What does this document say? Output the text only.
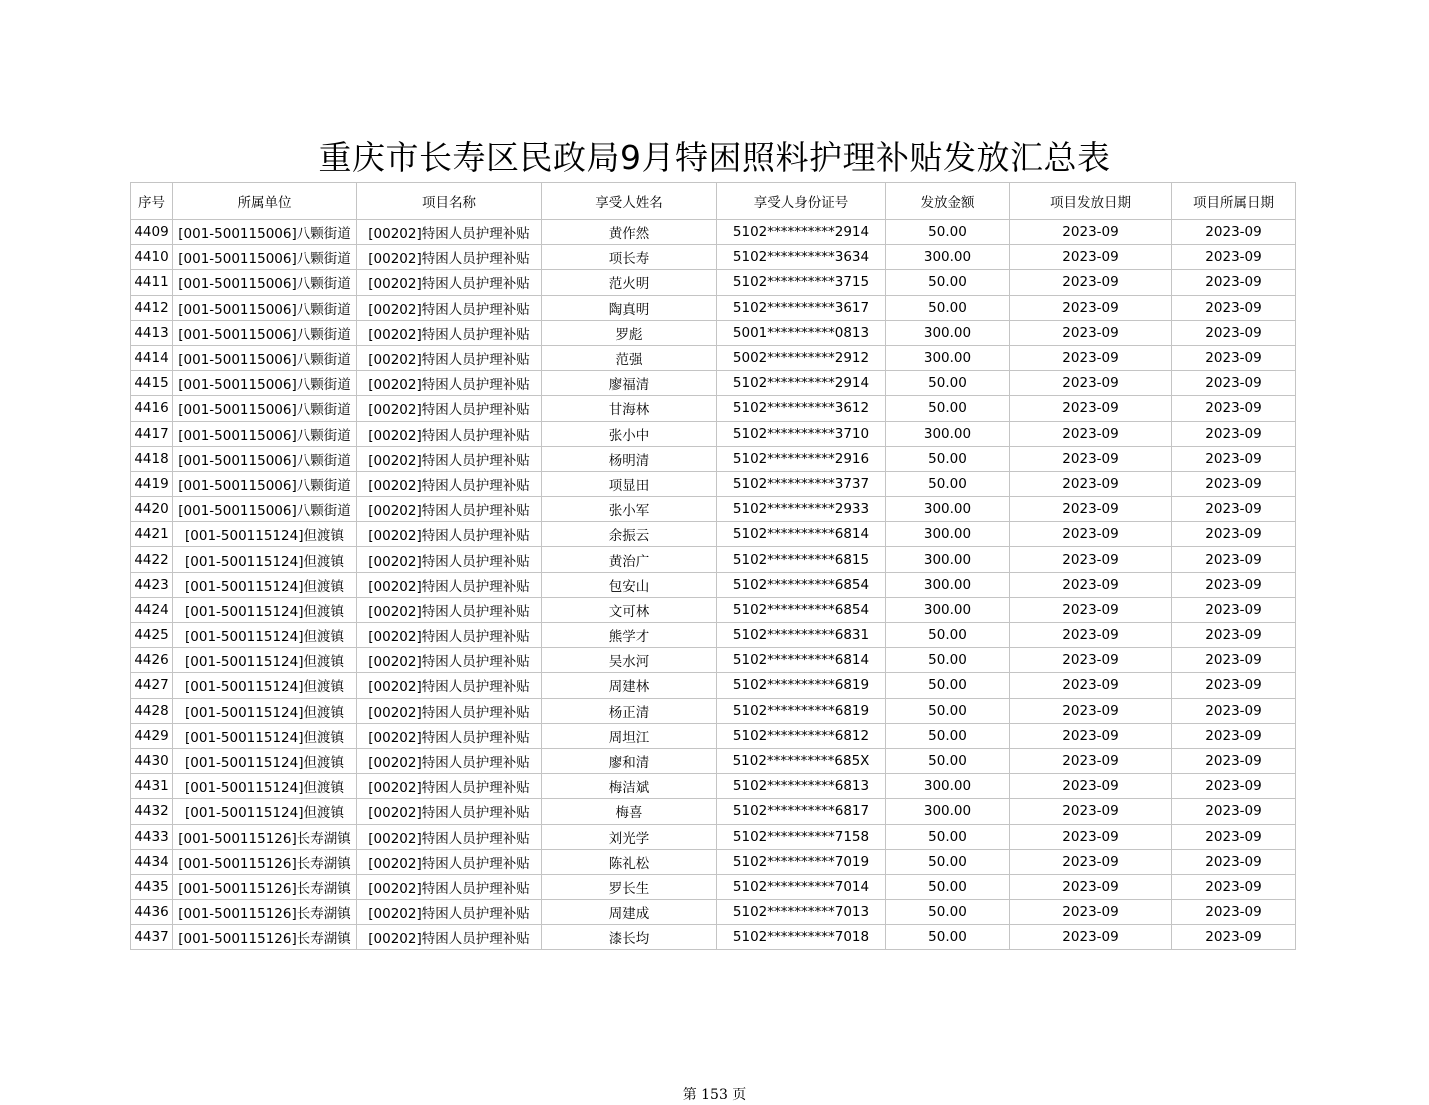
重庆市长寿区民政局9月特困照料护理补贴发放汇总表
序号	所属单位	项目名称	享受人姓名	享受人身份证号	发放金额	项目发放日期	项目所属日期
4409	[001-500115006]八颗街道	[00202]特困人员护理补贴	黄作然	5102**********2914	50.00	2023-09	2023-09
4410	[001-500115006]八颗街道	[00202]特困人员护理补贴	项长寿	5102**********3634	300.00	2023-09	2023-09
4411	[001-500115006]八颗街道	[00202]特困人员护理补贴	范火明	5102**********3715	50.00	2023-09	2023-09
4412	[001-500115006]八颗街道	[00202]特困人员护理补贴	陶真明	5102**********3617	50.00	2023-09	2023-09
4413	[001-500115006]八颗街道	[00202]特困人员护理补贴	罗彪	5001**********0813	300.00	2023-09	2023-09
4414	[001-500115006]八颗街道	[00202]特困人员护理补贴	范强	5002**********2912	300.00	2023-09	2023-09
4415	[001-500115006]八颗街道	[00202]特困人员护理补贴	廖福清	5102**********2914	50.00	2023-09	2023-09
4416	[001-500115006]八颗街道	[00202]特困人员护理补贴	甘海林	5102**********3612	50.00	2023-09	2023-09
4417	[001-500115006]八颗街道	[00202]特困人员护理补贴	张小中	5102**********3710	300.00	2023-09	2023-09
4418	[001-500115006]八颗街道	[00202]特困人员护理补贴	杨明清	5102**********2916	50.00	2023-09	2023-09
4419	[001-500115006]八颗街道	[00202]特困人员护理补贴	项显田	5102**********3737	50.00	2023-09	2023-09
4420	[001-500115006]八颗街道	[00202]特困人员护理补贴	张小军	5102**********2933	300.00	2023-09	2023-09
4421	[001-500115124]但渡镇	[00202]特困人员护理补贴	余振云	5102**********6814	300.00	2023-09	2023-09
4422	[001-500115124]但渡镇	[00202]特困人员护理补贴	黄治广	5102**********6815	300.00	2023-09	2023-09
4423	[001-500115124]但渡镇	[00202]特困人员护理补贴	包安山	5102**********6854	300.00	2023-09	2023-09
4424	[001-500115124]但渡镇	[00202]特困人员护理补贴	文可林	5102**********6854	300.00	2023-09	2023-09
4425	[001-500115124]但渡镇	[00202]特困人员护理补贴	熊学才	5102**********6831	50.00	2023-09	2023-09
4426	[001-500115124]但渡镇	[00202]特困人员护理补贴	吴水河	5102**********6814	50.00	2023-09	2023-09
4427	[001-500115124]但渡镇	[00202]特困人员护理补贴	周建林	5102**********6819	50.00	2023-09	2023-09
4428	[001-500115124]但渡镇	[00202]特困人员护理补贴	杨正清	5102**********6819	50.00	2023-09	2023-09
4429	[001-500115124]但渡镇	[00202]特困人员护理补贴	周坦江	5102**********6812	50.00	2023-09	2023-09
4430	[001-500115124]但渡镇	[00202]特困人员护理补贴	廖和清	5102**********685X	50.00	2023-09	2023-09
4431	[001-500115124]但渡镇	[00202]特困人员护理补贴	梅洁斌	5102**********6813	300.00	2023-09	2023-09
4432	[001-500115124]但渡镇	[00202]特困人员护理补贴	梅喜	5102**********6817	300.00	2023-09	2023-09
4433	[001-500115126]长寿湖镇	[00202]特困人员护理补贴	刘光学	5102**********7158	50.00	2023-09	2023-09
4434	[001-500115126]长寿湖镇	[00202]特困人员护理补贴	陈礼松	5102**********7019	50.00	2023-09	2023-09
4435	[001-500115126]长寿湖镇	[00202]特困人员护理补贴	罗长生	5102**********7014	50.00	2023-09	2023-09
4436	[001-500115126]长寿湖镇	[00202]特困人员护理补贴	周建成	5102**********7013	50.00	2023-09	2023-09
4437	[001-500115126]长寿湖镇	[00202]特困人员护理补贴	漆长均	5102**********7018	50.00	2023-09	2023-09
第 153 页
